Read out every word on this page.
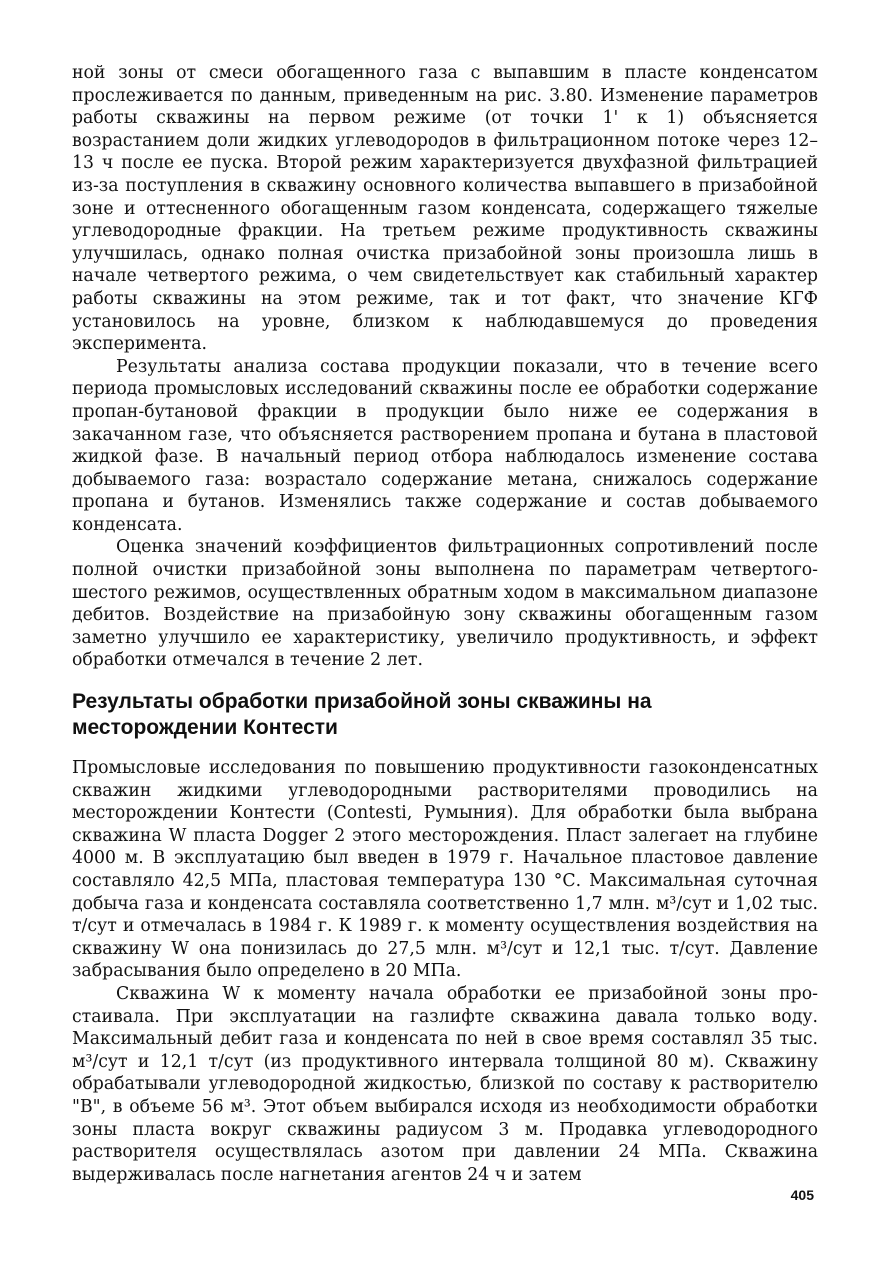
ной зоны от смеси обогащенного газа с выпавшим в пласте конденсатом прослеживается по данным, приведенным на рис. 3.80. Изменение параметров работы скважины на первом режиме (от точки 1' к 1) объясняется возрастанием доли жидких углеводородов в фильтрационном потоке через 12–13 ч после ее пуска. Второй режим характеризуется двухфазной фильтрацией из-за поступления в скважину основного количества выпавшего в призабойной зоне и оттесненного обогащенным газом конденсата, содержащего тяжелые углеводородные фракции. На третьем режиме продуктивность скважины улучшилась, однако полная очистка призабойной зоны произошла лишь в начале четвертого режима, о чем свидетельствует как стабильный характер работы скважины на этом режиме, так и тот факт, что значение КГФ установилось на уровне, близком к наблюдавшемуся до проведения эксперимента.

Результаты анализа состава продукции показали, что в течение всего периода промысловых исследований скважины после ее обработки содержание пропан-бутановой фракции в продукции было ниже ее содержания в закачанном газе, что объясняется растворением пропана и бутана в пластовой жидкой фазе. В начальный период отбора наблюдалось изменение состава добываемого газа: возрастало содержание метана, снижалось содержание пропана и бутанов. Изменялись также содержание и состав добываемого конденсата.

Оценка значений коэффициентов фильтрационных сопротивлений после полной очистки призабойной зоны выполнена по параметрам четвертого-шестого режимов, осуществленных обратным ходом в максимальном диапазоне дебитов. Воздействие на призабойную зону скважины обогащенным газом заметно улучшило ее характеристику, увеличило продуктивность, и эффект обработки отмечался в течение 2 лет.

Результаты обработки призабойной зоны скважины на месторождении Контести

Промысловые исследования по повышению продуктивности газоконденсатных скважин жидкими углеводородными растворителями проводились на месторождении Контести (Contesti, Румыния). Для обработки была выбрана скважина W пласта Dogger 2 этого месторождения. Пласт залегает на глубине 4000 м. В эксплуатацию был введен в 1979 г. Начальное пластовое давление составляло 42,5 МПа, пластовая температура 130 °С. Максимальная суточная добыча газа и конденсата составляла соответственно 1,7 млн. м³/сут и 1,02 тыс. т/сут и отмечалась в 1984 г. К 1989 г. к моменту осуществления воздействия на скважину W она понизилась до 27,5 млн. м³/сут и 12,1 тыс. т/сут. Давление забрасывания было определено в 20 МПа.

Скважина W к моменту начала обработки ее призабойной зоны простаивала. При эксплуатации на газлифте скважина давала только воду. Максимальный дебит газа и конденсата по ней в свое время составлял 35 тыс. м³/сут и 12,1 т/сут (из продуктивного интервала толщиной 80 м). Скважину обрабатывали углеводородной жидкостью, близкой по составу к растворителю "В", в объеме 56 м³. Этот объем выбирался исходя из необходимости обработки зоны пласта вокруг скважины радиусом 3 м. Продавка углеводородного растворителя осуществлялась азотом при давлении 24 МПа. Скважина выдерживалась после нагнетания агентов 24 ч и затем

405
